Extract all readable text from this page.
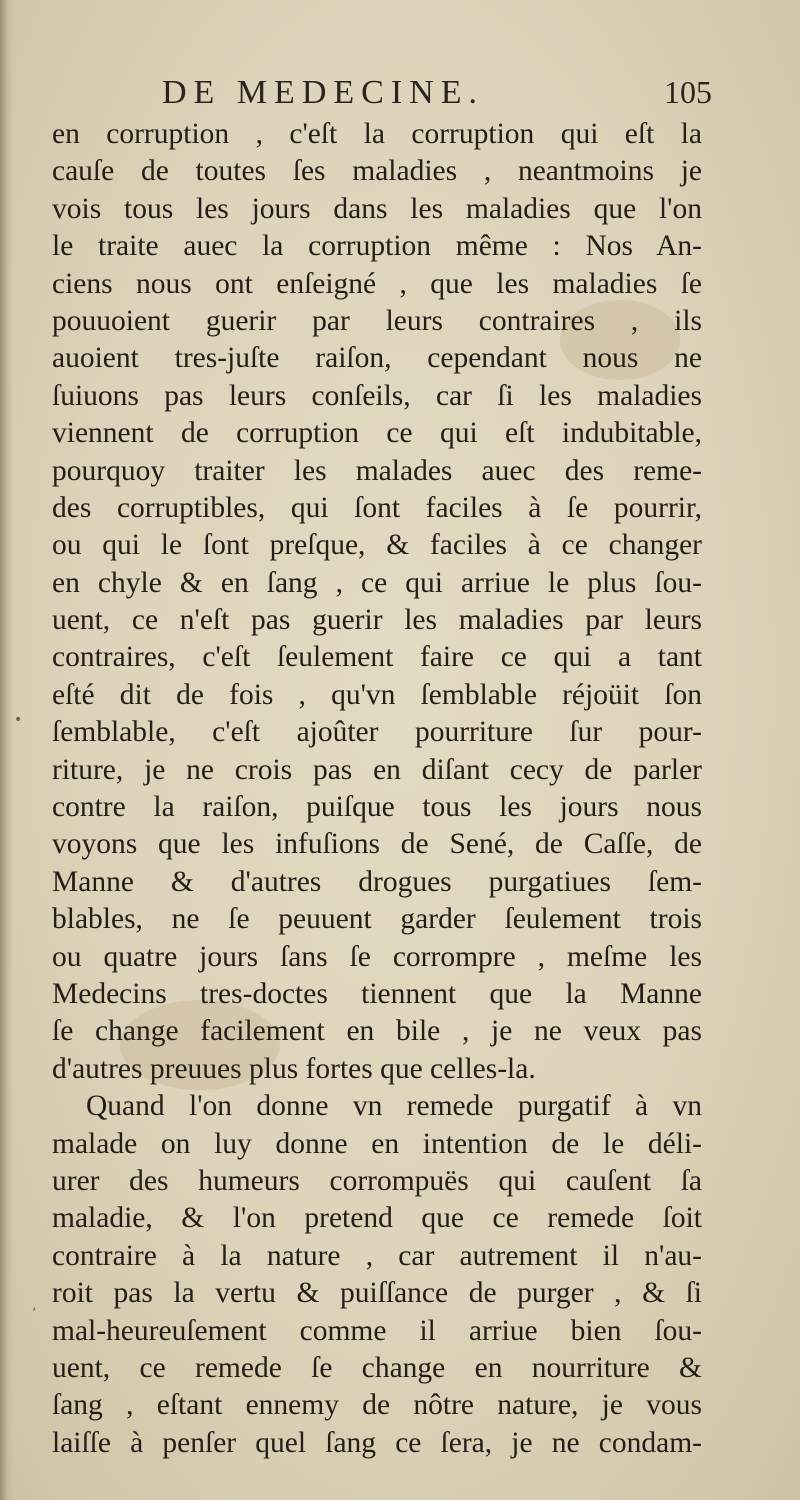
•
ʼ
DE MEDECINE.	105
en corruption , c'eſt la corruption qui eſt la
cauſe de toutes ſes maladies , neantmoins je
vois tous les jours dans les maladies que l'on
le traite auec la corruption même : Nos An-
ciens nous ont enſeigné , que les maladies ſe
pouuoient guerir par leurs contraires , ils
auoient tres-juſte raiſon, cependant nous ne
ſuiuons pas leurs conſeils, car ſi les maladies
viennent de corruption ce qui eſt indubitable,
pourquoy traiter les malades auec des reme-
des corruptibles, qui ſont faciles à ſe pourrir,
ou qui le ſont preſque, & faciles à ce changer
en chyle & en ſang , ce qui arriue le plus ſou-
uent, ce n'eſt pas guerir les maladies par leurs
contraires, c'eſt ſeulement faire ce qui a tant
eſté dit de fois , qu'vn ſemblable réjoüit ſon
ſemblable, c'eſt ajoûter pourriture ſur pour-
riture, je ne crois pas en diſant cecy de parler
contre la raiſon, puiſque tous les jours nous
voyons que les infuſions de Sené, de Caſſe, de
Manne & d'autres drogues purgatiues ſem-
blables, ne ſe peuuent garder ſeulement trois
ou quatre jours ſans ſe corrompre , meſme les
Medecins tres-doctes tiennent que la Manne
ſe change facilement en bile , je ne veux pas
d'autres preuues plus fortes que celles-la.
Quand l'on donne vn remede purgatif à vn
malade on luy donne en intention de le déli-
urer des humeurs corrompuës qui cauſent ſa
maladie, & l'on pretend que ce remede ſoit
contraire à la nature , car autrement il n'au-
roit pas la vertu & puiſſance de purger , & ſi
mal-heureuſement comme il arriue bien ſou-
uent, ce remede ſe change en nourriture &
ſang , eſtant ennemy de nôtre nature, je vous
laiſſe à penſer quel ſang ce ſera, je ne condam-
